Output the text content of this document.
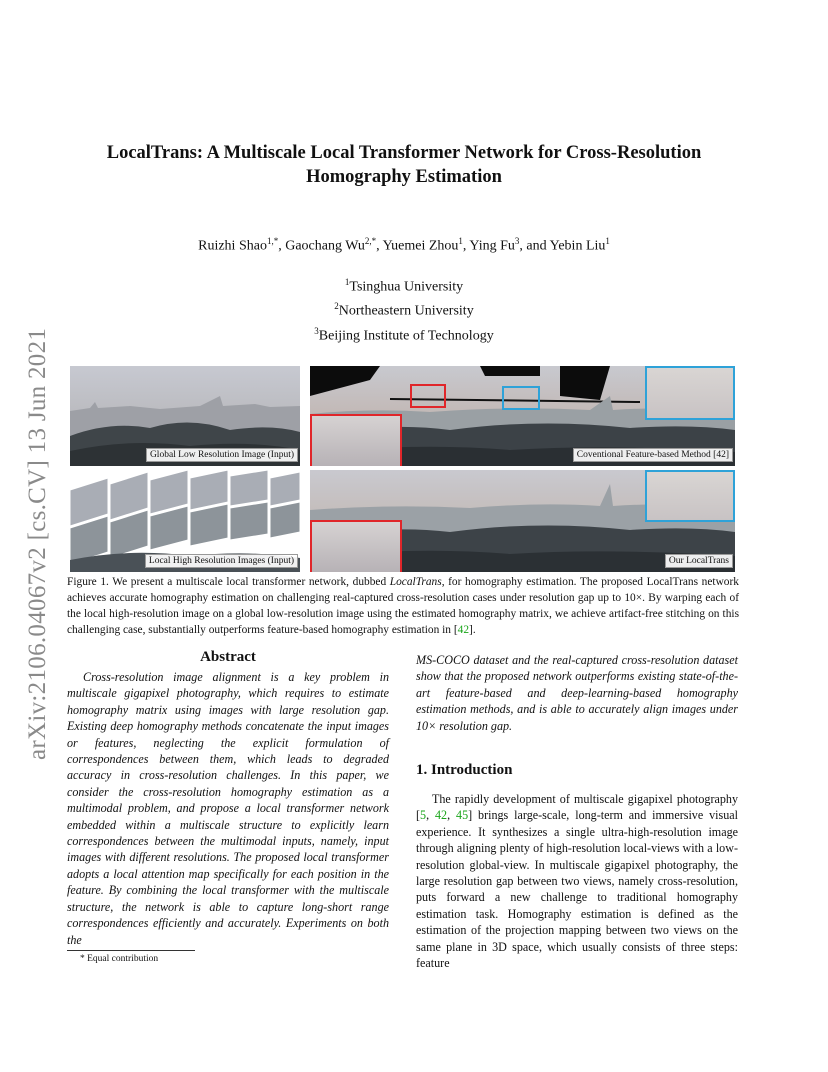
arXiv:2106.04067v2 [cs.CV] 13 Jun 2021
LocalTrans: A Multiscale Local Transformer Network for Cross-Resolution
Homography Estimation
Ruizhi Shao$^{1,*}$, Gaochang $Wu^{2,*}$, Yuemei Zhou$^1$, Ying Fu$^3$, and Yebin Liu$^1$
$^1$Tsinghua University
$^2$Northeastern University
$^3$Beijing Institute of Technology
Global Low Resolution Image (Input)
Local High Resolution Images (Input)
Coventional Feature-based Method [42]
Our LocalTrans
Figure 1. We present a multiscale local transformer network, dubbed LocalTrans, for homography estimation. The proposed LocalTrans network achieves accurate homography estimation on challenging real-captured cross-resolution cases under resolution gap up to 10×. By warping each of the local high-resolution image on a global low-resolution image using the estimated homography matrix, we achieve artifact-free stitching on this challenging case, substantially outperforms feature-based homography estimation in [42].
Abstract

Cross-resolution image alignment is a key problem in multiscale gigapixel photography, which requires to estimate homography matrix using images with large resolution gap. Existing deep homography methods concatenate the input images or features, neglecting the explicit formulation of correspondences between them, which leads to degraded accuracy in cross-resolution challenges. In this paper, we consider the cross-resolution homography estimation as a multimodal problem, and propose a local transformer network embedded within a multiscale structure to explicitly learn correspondences between the multimodal inputs, namely, input images with different resolutions. The proposed local transformer adopts a local attention map specifically for each position in the feature. By combining the local transformer with the multiscale structure, the network is able to capture long-short range correspondences efficiently and accurately. Experiments on both the

MS-COCO dataset and the real-captured cross-resolution dataset show that the proposed network outperforms existing state-of-the-art feature-based and deep-learning-based homography estimation methods, and is able to accurately align images under 10× resolution gap.

1. Introduction

The rapidly development of multiscale gigapixel photography [5, 42, 45] brings large-scale, long-term and immersive visual experience. It synthesizes a single ultra-high-resolution image through aligning plenty of high-resolution local-views with a low-resolution global-view. In multiscale gigapixel photography, the large resolution gap between two views, namely cross-resolution, puts forward a new challenge to traditional homography estimation task. Homography estimation is defined as the estimation of the projection mapping between two views on the same plane in 3D space, which usually consists of three steps: feature

* Equal contribution
